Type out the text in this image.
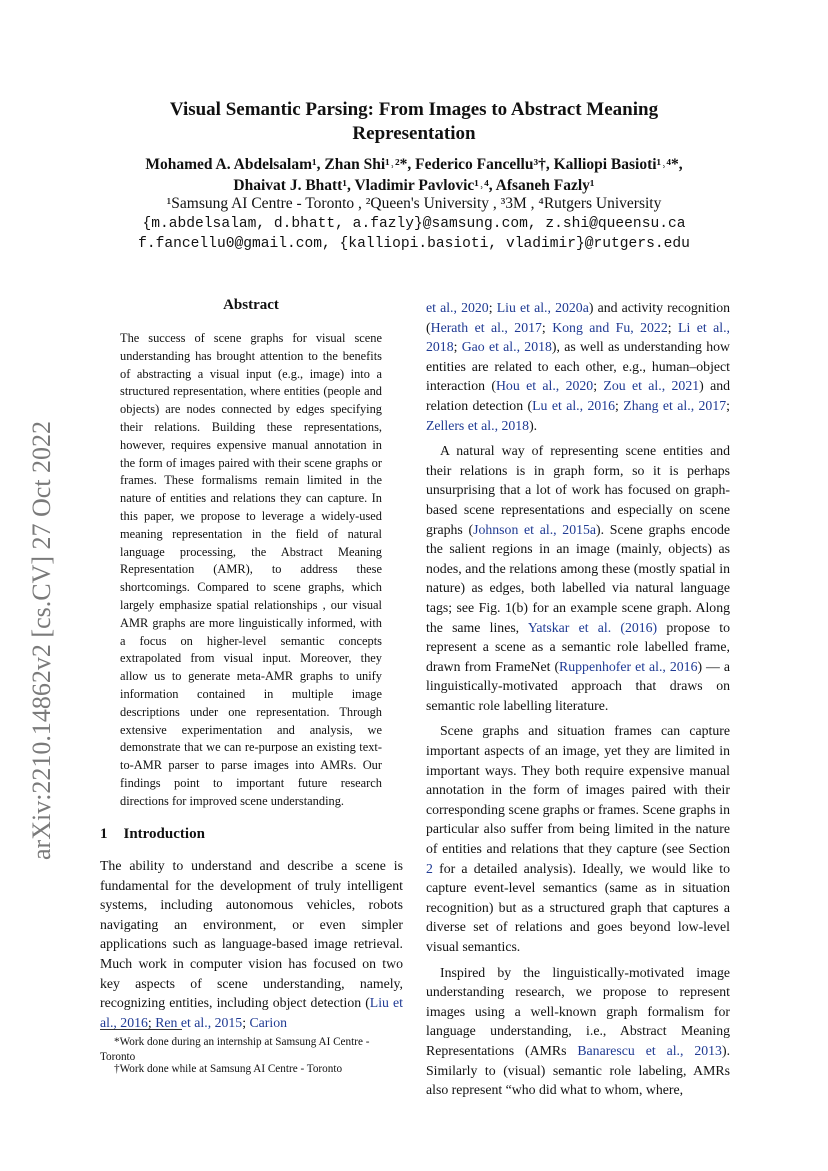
arXiv:2210.14862v2 [cs.CV] 27 Oct 2022
Visual Semantic Parsing: From Images to Abstract Meaning
Representation
Mohamed A. Abdelsalam¹, Zhan Shi¹˒²*, Federico Fancellu³†, Kalliopi Basioti¹˒⁴*,
Dhaivat J. Bhatt¹, Vladimir Pavlovic¹˒⁴, Afsaneh Fazly¹
¹Samsung AI Centre - Toronto , ²Queen's University , ³3M , ⁴Rutgers University
{m.abdelsalam, d.bhatt, a.fazly}@samsung.com, z.shi@queensu.ca
f.fancellu0@gmail.com, {kalliopi.basioti, vladimir}@rutgers.edu
Abstract
The success of scene graphs for visual scene understanding has brought attention to the benefits of abstracting a visual input (e.g., image) into a structured representation, where entities (people and objects) are nodes connected by edges specifying their relations. Building these representations, however, requires expensive manual annotation in the form of images paired with their scene graphs or frames. These formalisms remain limited in the nature of entities and relations they can capture. In this paper, we propose to leverage a widely-used meaning representation in the field of natural language processing, the Abstract Meaning Representation (AMR), to address these shortcomings. Compared to scene graphs, which largely emphasize spatial relationships , our visual AMR graphs are more linguistically informed, with a focus on higher-level semantic concepts extrapolated from visual input. Moreover, they allow us to generate meta-AMR graphs to unify information contained in multiple image descriptions under one representation. Through extensive experimentation and analysis, we demonstrate that we can re-purpose an existing text-to-AMR parser to parse images into AMRs. Our findings point to important future research directions for improved scene understanding.
1 Introduction

The ability to understand and describe a scene is fundamental for the development of truly intelligent systems, including autonomous vehicles, robots navigating an environment, or even simpler applications such as language-based image retrieval. Much work in computer vision has focused on two key aspects of scene understanding, namely, recognizing entities, including object detection (Liu et al., 2016; Ren et al., 2015; Carion

*Work done during an internship at Samsung AI Centre - Toronto
†Work done while at Samsung AI Centre - Toronto

et al., 2020; Liu et al., 2020a) and activity recognition (Herath et al., 2017; Kong and Fu, 2022; Li et al., 2018; Gao et al., 2018), as well as understanding how entities are related to each other, e.g., human–object interaction (Hou et al., 2020; Zou et al., 2021) and relation detection (Lu et al., 2016; Zhang et al., 2017; Zellers et al., 2018).

A natural way of representing scene entities and their relations is in graph form, so it is perhaps unsurprising that a lot of work has focused on graph-based scene representations and especially on scene graphs (Johnson et al., 2015a). Scene graphs encode the salient regions in an image (mainly, objects) as nodes, and the relations among these (mostly spatial in nature) as edges, both labelled via natural language tags; see Fig. 1(b) for an example scene graph. Along the same lines, Yatskar et al. (2016) propose to represent a scene as a semantic role labelled frame, drawn from FrameNet (Ruppenhofer et al., 2016) — a linguistically-motivated approach that draws on semantic role labelling literature.

Scene graphs and situation frames can capture important aspects of an image, yet they are limited in important ways. They both require expensive manual annotation in the form of images paired with their corresponding scene graphs or frames. Scene graphs in particular also suffer from being limited in the nature of entities and relations that they capture (see Section 2 for a detailed analysis). Ideally, we would like to capture event-level semantics (same as in situation recognition) but as a structured graph that captures a diverse set of relations and goes beyond low-level visual semantics.

Inspired by the linguistically-motivated image understanding research, we propose to represent images using a well-known graph formalism for language understanding, i.e., Abstract Meaning Representations (AMRs Banarescu et al., 2013). Similarly to (visual) semantic role labeling, AMRs also represent “who did what to whom, where,
